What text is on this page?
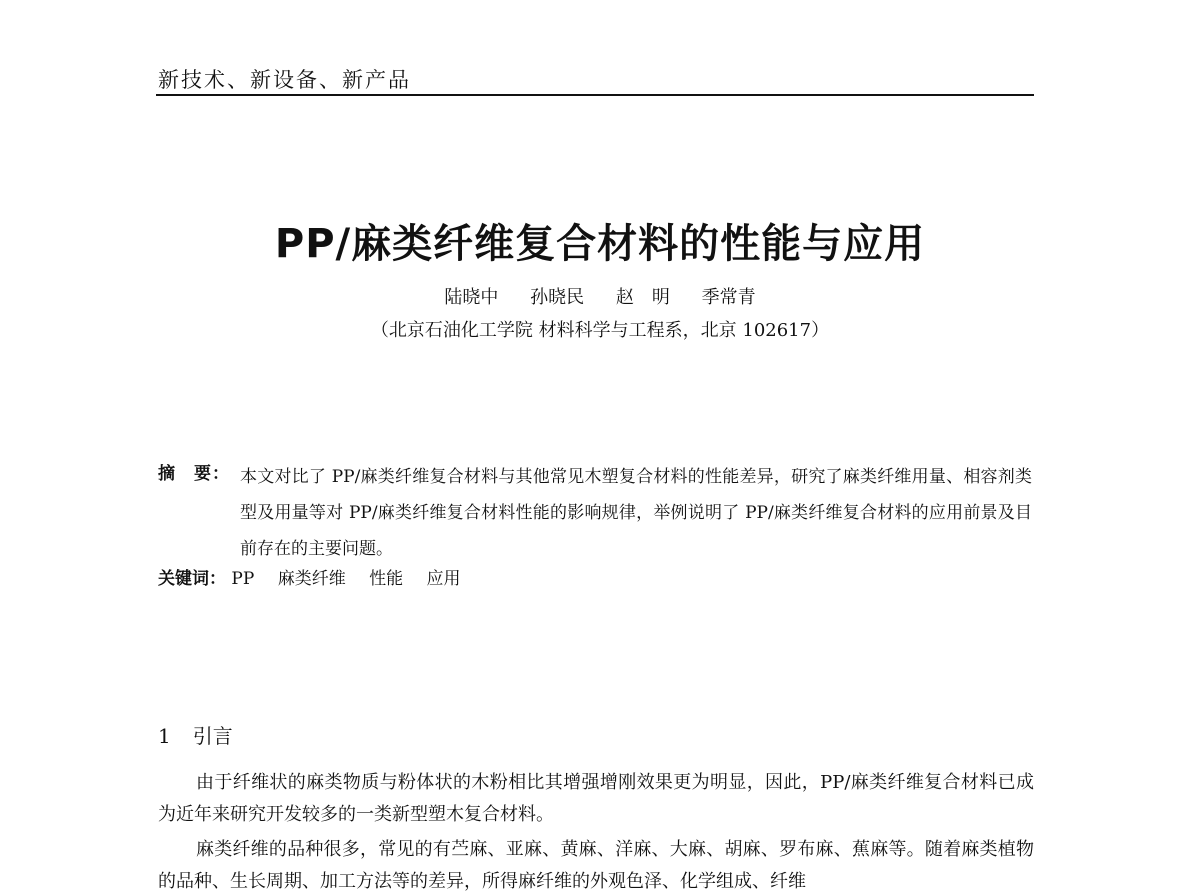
新技术、新设备、新产品
PP/麻类纤维复合材料的性能与应用
陆晓中 孙晓民 赵　明 季常青
（北京石油化工学院 材料科学与工程系，北京 102617）
摘　要： 本文对比了 PP/麻类纤维复合材料与其他常见木塑复合材料的性能差异，研究了麻类纤维用量、相容剂类型及用量等对 PP/麻类纤维复合材料性能的影响规律，举例说明了 PP/麻类纤维复合材料的应用前景及目前存在的主要问题。
关键词： PP 麻类纤维 性能 应用
1 引言
由于纤维状的麻类物质与粉体状的木粉相比其增强增刚效果更为明显，因此，PP/麻类纤维复合材料已成为近年来研究开发较多的一类新型塑木复合材料。
麻类纤维的品种很多，常见的有苎麻、亚麻、黄麻、洋麻、大麻、胡麻、罗布麻、蕉麻等。随着麻类植物的品种、生长周期、加工方法等的差异，所得麻纤维的外观色泽、化学组成、纤维
